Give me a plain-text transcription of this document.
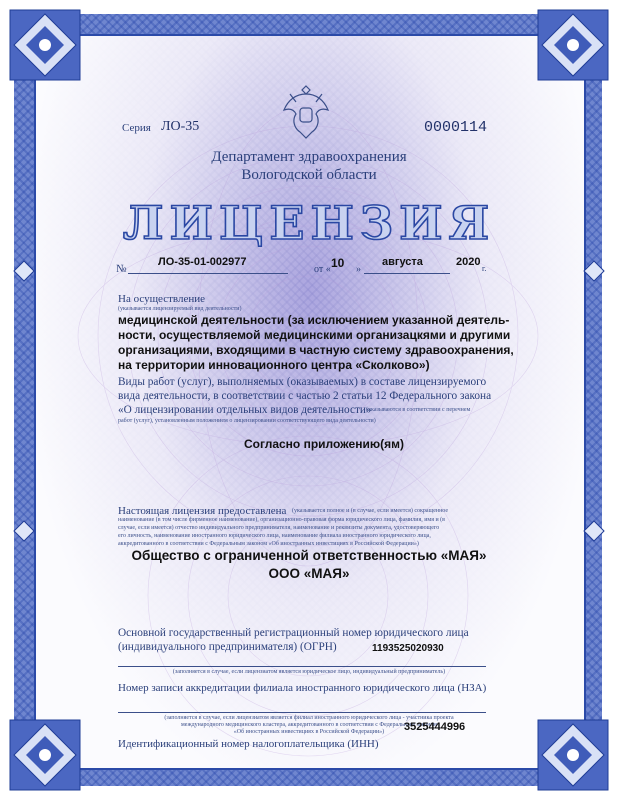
Серия ЛО-35	0000114
Департамент здравоохранения
Вологодской области
ЛИЦЕНЗИЯ
№
ЛО-35-01-002977
от « 10 »
августа	2020
г.
На осуществление
(указывается лицензируемый вид деятельности)
медицинской деятельности (за исключением указанной деятель-
ности, осуществляемой медицинскими организацкями и другими
организациями, входящими в частную систему здравоохранения,
на территории инновационного центра «Сколково»)
Виды работ (услуг), выполняемых (оказываемых) в составе лицензируемого
вида деятельности, в соответствии с частью 2 статьи 12 Федерального закона
«О лицензировании отдельных видов деятельности»
(указываются в соответствии с перечнем
работ (услуг), установленным положением о лицензировании соответствующего вида деятельности)
Согласно приложению(ям)
Настоящая лицензия предоставлена (указывается полное и (в случае, если имеется) сокращенное
наименование (в том числе фирменное наименование), организационно-правовая форма юридического лица, фамилия, имя и (в
случае, если имеется) отчество индивидуального предпринимателя, наименование и реквизиты документа, удостоверяющего
его личность, наименование иностранного юридического лица, наименование филиала иностранного юридического лица,
аккредитованного в соответствии с Федеральным законом «Об иностранных инвестициях в Российской Федерации»)
Общество с ограниченной ответственностью «МАЯ»
ООО «МАЯ»
Основной государственный регистрационный номер юридического лица
(индивидуального предпринимателя) (ОГРН)	1193525020930
(заполняется в случае, если лицензиатом является юридическое лицо, индивидуальный предприниматель)
Номер записи аккредитации филиала иностранного юридического лица (НЗА)
(заполняется в случае, если лицензиатом является филиал иностранного юридического лица - участника проекта
международного медицинского кластера, аккредитованного в соответствии с Федеральным законом
«Об иностранных инвестициях в Российской Федерации»)
Идентификационный номер налогоплательщика (ИНН)
3525444996
